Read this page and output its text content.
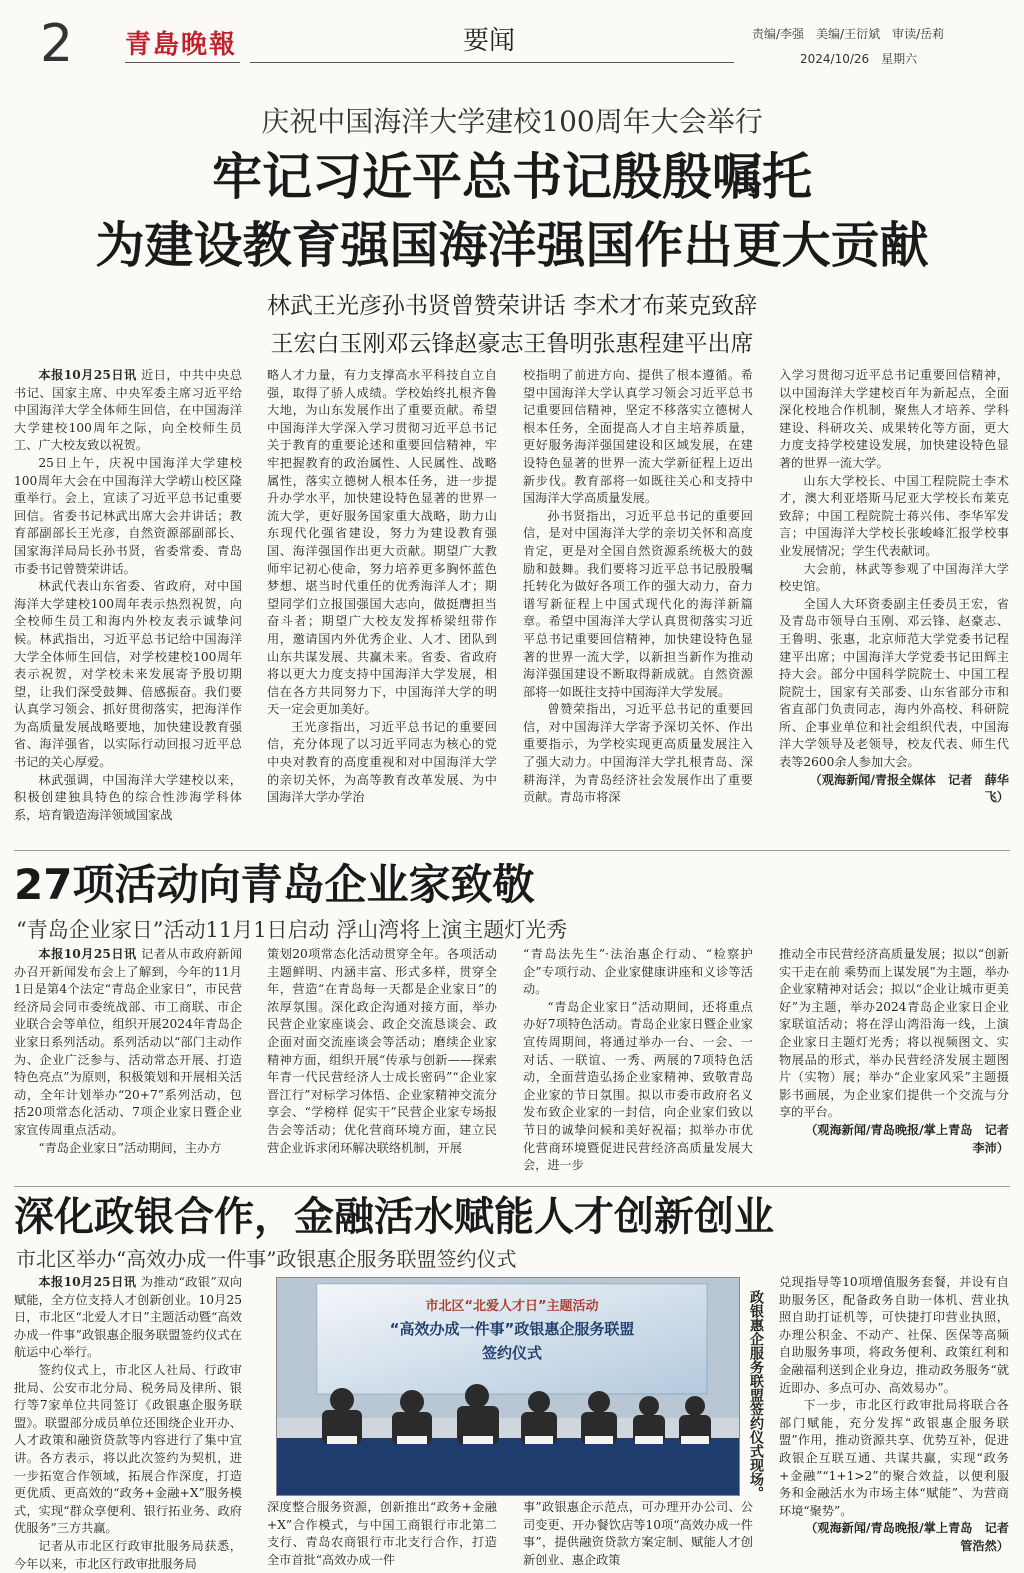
2 青島晚報	要闻	责编/李强　美编/王衍斌　审读/岳莉
2024/10/26　星期六
庆祝中国海洋大学建校100周年大会举行
牢记习近平总书记殷殷嘱托
为建设教育强国海洋强国作出更大贡献
林武王光彦孙书贤曾赞荣讲话 李术才布莱克致辞
王宏白玉刚邓云锋赵豪志王鲁明张惠程建平出席

本报10月25日讯 近日，中共中央总书记、国家主席、中央军委主席习近平给中国海洋大学全体师生回信，在中国海洋大学建校100周年之际，向全校师生员工、广大校友致以祝贺。

25日上午，庆祝中国海洋大学建校100周年大会在中国海洋大学崂山校区隆重举行。会上，宣读了习近平总书记重要回信。省委书记林武出席大会并讲话；教育部副部长王光彦，自然资源部副部长、国家海洋局局长孙书贤，省委常委、青岛市委书记曾赞荣讲话。

林武代表山东省委、省政府，对中国海洋大学建校100周年表示热烈祝贺，向全校师生员工和海内外校友表示诚挚问候。林武指出，习近平总书记给中国海洋大学全体师生回信，对学校建校100周年表示祝贺，对学校未来发展寄予殷切期望，让我们深受鼓舞、倍感振奋。我们要认真学习领会、抓好贯彻落实，把海洋作为高质量发展战略要地，加快建设教育强省、海洋强省，以实际行动回报习近平总书记的关心厚爱。

林武强调，中国海洋大学建校以来，积极创建独具特色的综合性涉海学科体系，培育锻造海洋领域国家战

略人才力量，有力支撑高水平科技自立自强，取得了骄人成绩。学校始终扎根齐鲁大地，为山东发展作出了重要贡献。希望中国海洋大学深入学习贯彻习近平总书记关于教育的重要论述和重要回信精神，牢牢把握教育的政治属性、人民属性、战略属性，落实立德树人根本任务，进一步提升办学水平，加快建设特色显著的世界一流大学，更好服务国家重大战略，助力山东现代化强省建设，努力为建设教育强国、海洋强国作出更大贡献。期望广大教师牢记初心使命，努力培养更多胸怀蓝色梦想、堪当时代重任的优秀海洋人才；期望同学们立报国强国大志向，做挺膺担当奋斗者；期望广大校友发挥桥梁纽带作用，邀请国内外优秀企业、人才、团队到山东共谋发展、共赢未来。省委、省政府将以更大力度支持中国海洋大学发展，相信在各方共同努力下，中国海洋大学的明天一定会更加美好。

王光彦指出，习近平总书记的重要回信，充分体现了以习近平同志为核心的党中央对教育的高度重视和对中国海洋大学的亲切关怀，为高等教育改革发展、为中国海洋大学办学治

校指明了前进方向、提供了根本遵循。希望中国海洋大学认真学习领会习近平总书记重要回信精神，坚定不移落实立德树人根本任务，全面提高人才自主培养质量，更好服务海洋强国建设和区域发展，在建设特色显著的世界一流大学新征程上迈出新步伐。教育部将一如既往关心和支持中国海洋大学高质量发展。

孙书贤指出，习近平总书记的重要回信，是对中国海洋大学的亲切关怀和高度肯定，更是对全国自然资源系统极大的鼓励和鼓舞。我们要将习近平总书记殷殷嘱托转化为做好各项工作的强大动力，奋力谱写新征程上中国式现代化的海洋新篇章。希望中国海洋大学认真贯彻落实习近平总书记重要回信精神，加快建设特色显著的世界一流大学，以新担当新作为推动海洋强国建设不断取得新成就。自然资源部将一如既往支持中国海洋大学发展。

曾赞荣指出，习近平总书记的重要回信，对中国海洋大学寄予深切关怀、作出重要指示，为学校实现更高质量发展注入了强大动力。中国海洋大学扎根青岛、深耕海洋，为青岛经济社会发展作出了重要贡献。青岛市将深

入学习贯彻习近平总书记重要回信精神，以中国海洋大学建校百年为新起点，全面深化校地合作机制，聚焦人才培养、学科建设、科研攻关、成果转化等方面，更大力度支持学校建设发展，加快建设特色显著的世界一流大学。

山东大学校长、中国工程院院士李术才，澳大利亚塔斯马尼亚大学校长布莱克致辞；中国工程院院士蒋兴伟、李华军发言；中国海洋大学校长张峻峰汇报学校事业发展情况；学生代表献词。

大会前，林武等参观了中国海洋大学校史馆。

全国人大环资委副主任委员王宏，省及青岛市领导白玉刚、邓云锋、赵豪志、王鲁明、张惠，北京师范大学党委书记程建平出席；中国海洋大学党委书记田辉主持大会。部分中国科学院院士、中国工程院院士，国家有关部委、山东省部分市和省直部门负责同志，海内外高校、科研院所、企事业单位和社会组织代表，中国海洋大学领导及老领导，校友代表、师生代表等2600余人参加大会。

（观海新闻/青报全媒体　记者　薛华飞）

27项活动向青岛企业家致敬
“青岛企业家日”活动11月1日启动 浮山湾将上演主题灯光秀

本报10月25日讯 记者从市政府新闻办召开新闻发布会上了解到，今年的11月1日是第4个法定“青岛企业家日”，市民营经济局会同市委统战部、市工商联、市企业联合会等单位，组织开展2024年青岛企业家日系列活动。系列活动以“部门主动作为、企业广泛参与、活动常态开展、打造特色亮点”为原则，积极策划和开展相关活动，全年计划举办“20+7”系列活动，包括20项常态化活动、7项企业家日暨企业家宣传周重点活动。

“青岛企业家日”活动期间，主办方

策划20项常态化活动贯穿全年。各项活动主题鲜明、内涵丰富、形式多样，贯穿全年，营造“在青岛每一天都是企业家日”的浓厚氛围。深化政企沟通对接方面，举办民营企业家座谈会、政企交流恳谈会、政企面对面交流座谈会等活动；磨续企业家精神方面，组织开展“传承与创新——探索年青一代民营经济人士成长密码”“企业家晋江行”对标学习体悟、企业家精神交流分享会、“学榜样 促实干”民营企业家专场报告会等活动；优化营商环境方面，建立民营企业诉求闭环解决联络机制，开展

“青岛法先生”·法治惠企行动、“检察护企”专项行动、企业家健康讲座和义诊等活动。

“青岛企业家日”活动期间，还将重点办好7项特色活动。青岛企业家日暨企业家宣传周期间，将通过举办一台、一会、一对话、一联谊、一秀、两展的7项特色活动，全面营造弘扬企业家精神、致敬青岛企业家的节日氛围。拟以市委市政府名义发布致企业家的一封信，向企业家们致以节日的诚挚问候和美好祝福；拟举办市优化营商环境暨促进民营经济高质量发展大会，进一步

推动全市民营经济高质量发展；拟以“创新实干走在前 乘势而上谋发展”为主题，举办企业家精神对话会；拟以“企业让城市更美好”为主题，举办2024青岛企业家日企业家联谊活动；将在浮山湾沿海一线，上演企业家日主题灯光秀；将以视频图文、实物展品的形式，举办民营经济发展主题图片（实物）展；举办“企业家风采”主题摄影书画展，为企业家们提供一个交流与分享的平台。

（观海新闻/青岛晚报/掌上青岛　记者　李沛）

深化政银合作，金融活水赋能人才创新创业
市北区举办“高效办成一件事”政银惠企服务联盟签约仪式

本报10月25日讯 为推动“政银”双向赋能，全方位支持人才创新创业。10月25日，市北区“北爱人才日”主题活动暨“高效办成一件事”政银惠企服务联盟签约仪式在航运中心举行。

签约仪式上，市北区人社局、行政审批局、公安市北分局、税务局及律所、银行等7家单位共同签订《政银惠企服务联盟》。联盟部分成员单位还围绕企业开办、人才政策和融资贷款等内容进行了集中宣讲。各方表示，将以此次签约为契机，进一步拓宽合作领域，拓展合作深度，打造更优质、更高效的“政务+金融+X”服务模式，实现“群众享便利、银行拓业务、政府优服务”三方共赢。

记者从市北区行政审批服务局获悉，今年以来，市北区行政审批服务局

市北区“北爱人才日”主题活动
“高效办成一件事”政银惠企服务联盟
签约仪式	政银惠企服务联盟签约仪式现场。

深度整合服务资源，创新推出“政务+金融+X”合作模式，与中国工商银行市北第二支行、青岛农商银行市北支行合作，打造全市首批“高效办成一件

事”政银惠企示范点，可办理开办公司、公司变更、开办餐饮店等10项“高效办成一件事”，提供融资贷款方案定制、赋能人才创新创业、惠企政策

兑现指导等10项增值服务套餐，并设有自助服务区，配备政务自助一体机、营业执照自助打证机等，可快捷打印营业执照，办理公积金、不动产、社保、医保等高频自助服务事项，将政务便利、政策红利和金融福利送到企业身边，推动政务服务“就近即办、多点可办、高效易办”。

下一步，市北区行政审批局将联合各部门赋能，充分发挥“政银惠企服务联盟”作用，推动资源共享、优势互补，促进政银企互联互通、共谋共赢，实现“政务+金融”“1+1>2”的聚合效益，以便利服务和金融活水为市场主体“赋能”、为营商环境“聚势”。

（观海新闻/青岛晚报/掌上青岛　记者　管浩然）
